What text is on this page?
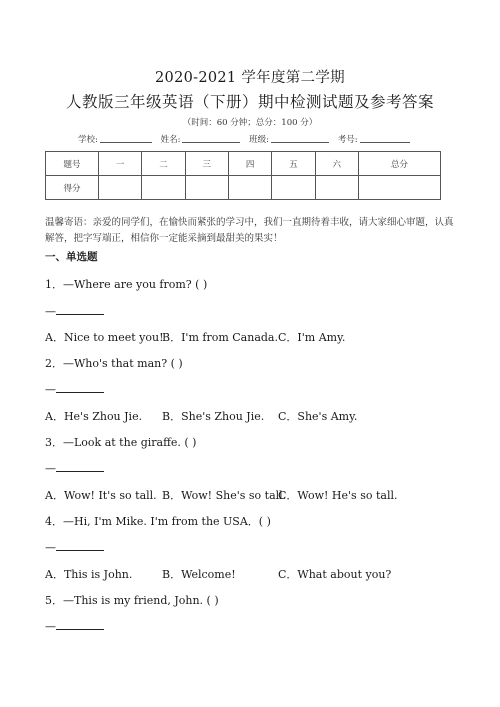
2020-2021 学年度第二学期
人教版三年级英语（下册）期中检测试题及参考答案
（时间：60 分钟；总分：100 分）
学校:	姓名:	班级:	考号:
题号	一	二	三	四	五	六	总分
得分							
温馨寄语：亲爱的同学们，在愉快而紧张的学习中，我们一直期待着丰收，请大家细心审题，认真解答，把字写端正，相信你一定能采摘到最甜美的果实！
一、单选题
1．—Where are you from? ( )
—
A．Nice to meet you!
B．I'm from Canada. C．I'm Amy.
2．—Who's that man? ( )
—
A．He's Zhou Jie. B．She's Zhou Jie. C．She's Amy.
3．—Look at the giraffe. ( )
—
A．Wow! It's so tall. B．Wow! She's so tall.
C．Wow! He's so tall.
4．—Hi, I'm Mike. I'm from the USA．( )
—
A．This is John.	B．Welcome!	C．What about you?
5．—This is my friend, John. ( )
—
